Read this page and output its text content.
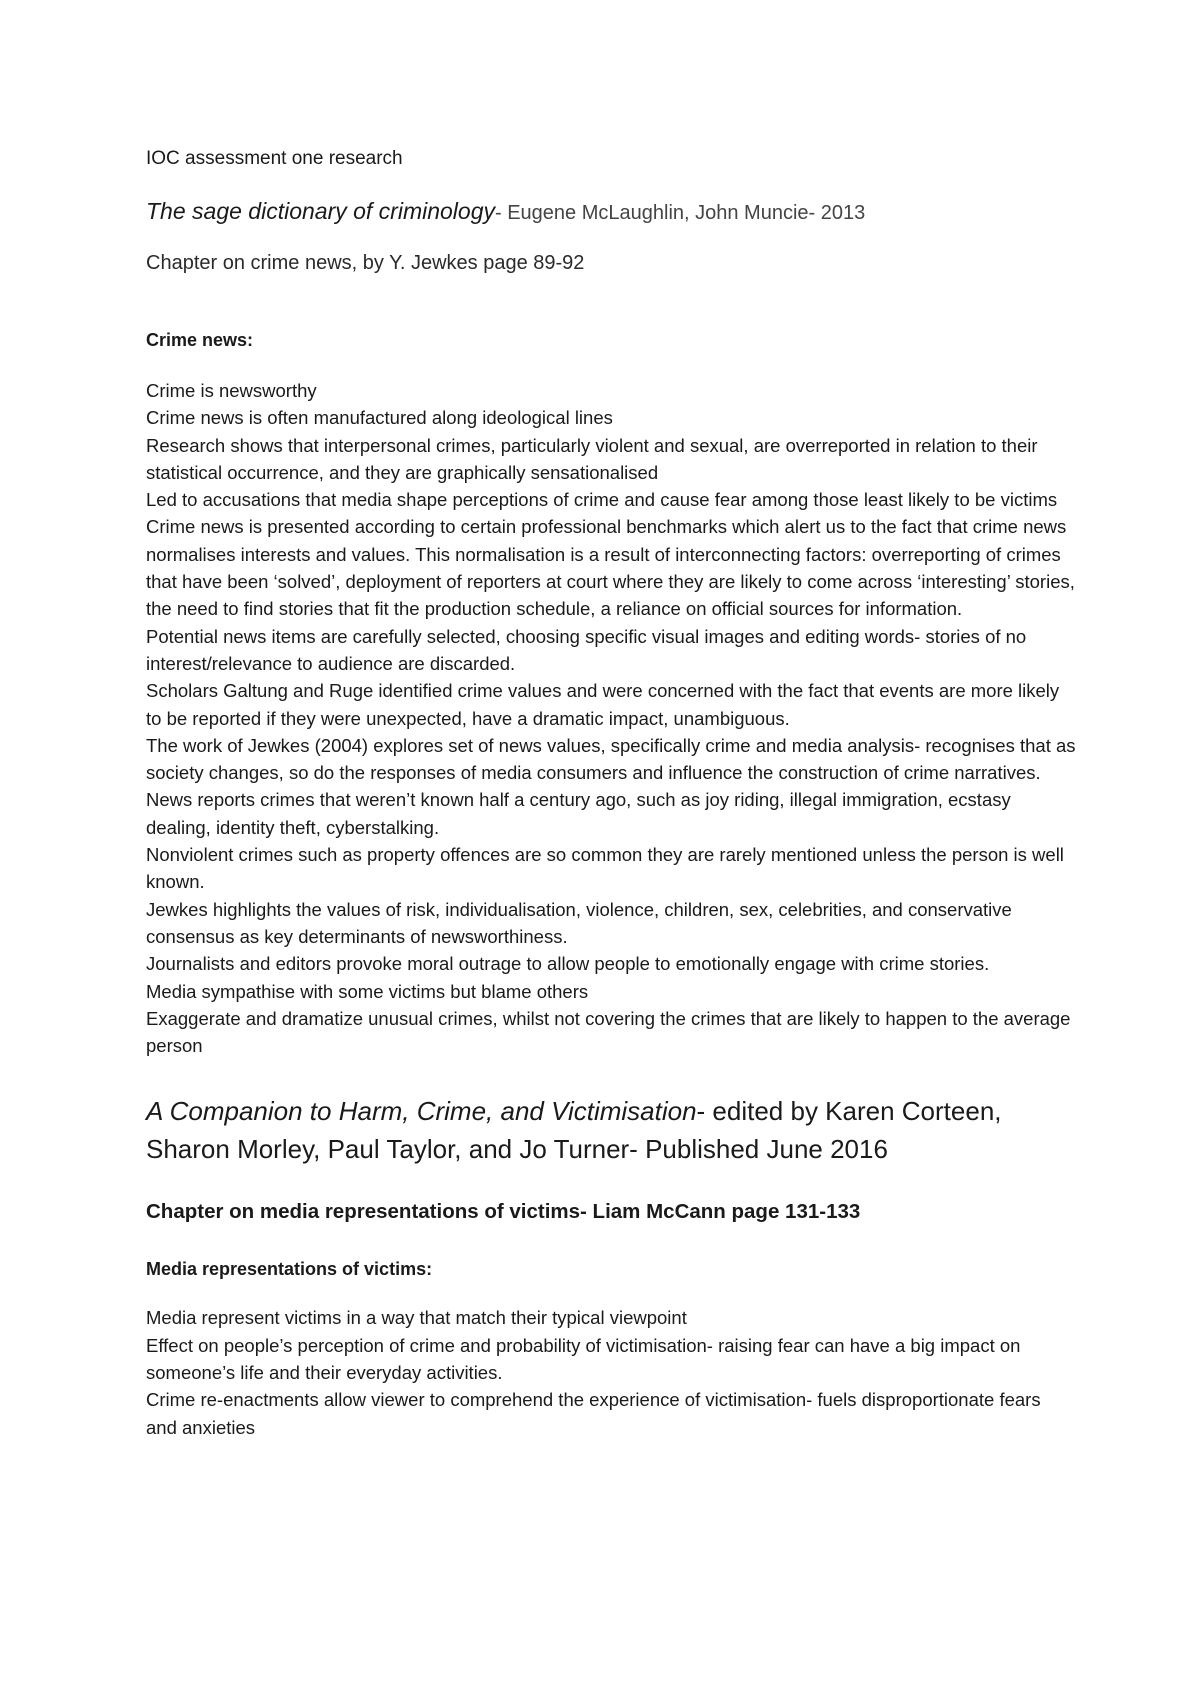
IOC assessment one research

The sage dictionary of criminology- Eugene McLaughlin, John Muncie- 2013

Chapter on crime news, by Y. Jewkes page 89-92

Crime news:

Crime is newsworthy
Crime news is often manufactured along ideological lines
Research shows that interpersonal crimes, particularly violent and sexual, are overreported in relation to their statistical occurrence, and they are graphically sensationalised
Led to accusations that media shape perceptions of crime and cause fear among those least likely to be victims
Crime news is presented according to certain professional benchmarks which alert us to the fact that crime news normalises interests and values. This normalisation is a result of interconnecting factors: overreporting of crimes that have been ‘solved’, deployment of reporters at court where they are likely to come across ‘interesting’ stories, the need to find stories that fit the production schedule, a reliance on official sources for information.
Potential news items are carefully selected, choosing specific visual images and editing words- stories of no interest/relevance to audience are discarded.
Scholars Galtung and Ruge identified crime values and were concerned with the fact that events are more likely to be reported if they were unexpected, have a dramatic impact, unambiguous.
The work of Jewkes (2004) explores set of news values, specifically crime and media analysis- recognises that as society changes, so do the responses of media consumers and influence the construction of crime narratives.
News reports crimes that weren’t known half a century ago, such as joy riding, illegal immigration, ecstasy dealing, identity theft, cyberstalking.
Nonviolent crimes such as property offences are so common they are rarely mentioned unless the person is well known.
Jewkes highlights the values of risk, individualisation, violence, children, sex, celebrities, and conservative consensus as key determinants of newsworthiness.
Journalists and editors provoke moral outrage to allow people to emotionally engage with crime stories.
Media sympathise with some victims but blame others
Exaggerate and dramatize unusual crimes, whilst not covering the crimes that are likely to happen to the average person
A Companion to Harm, Crime, and Victimisation- edited by Karen Corteen, Sharon Morley, Paul Taylor, and Jo Turner- Published June 2016

Chapter on media representations of victims- Liam McCann page 131-133

Media representations of victims:

Media represent victims in a way that match their typical viewpoint
Effect on people’s perception of crime and probability of victimisation- raising fear can have a big impact on someone’s life and their everyday activities.
Crime re-enactments allow viewer to comprehend the experience of victimisation- fuels disproportionate fears and anxieties
